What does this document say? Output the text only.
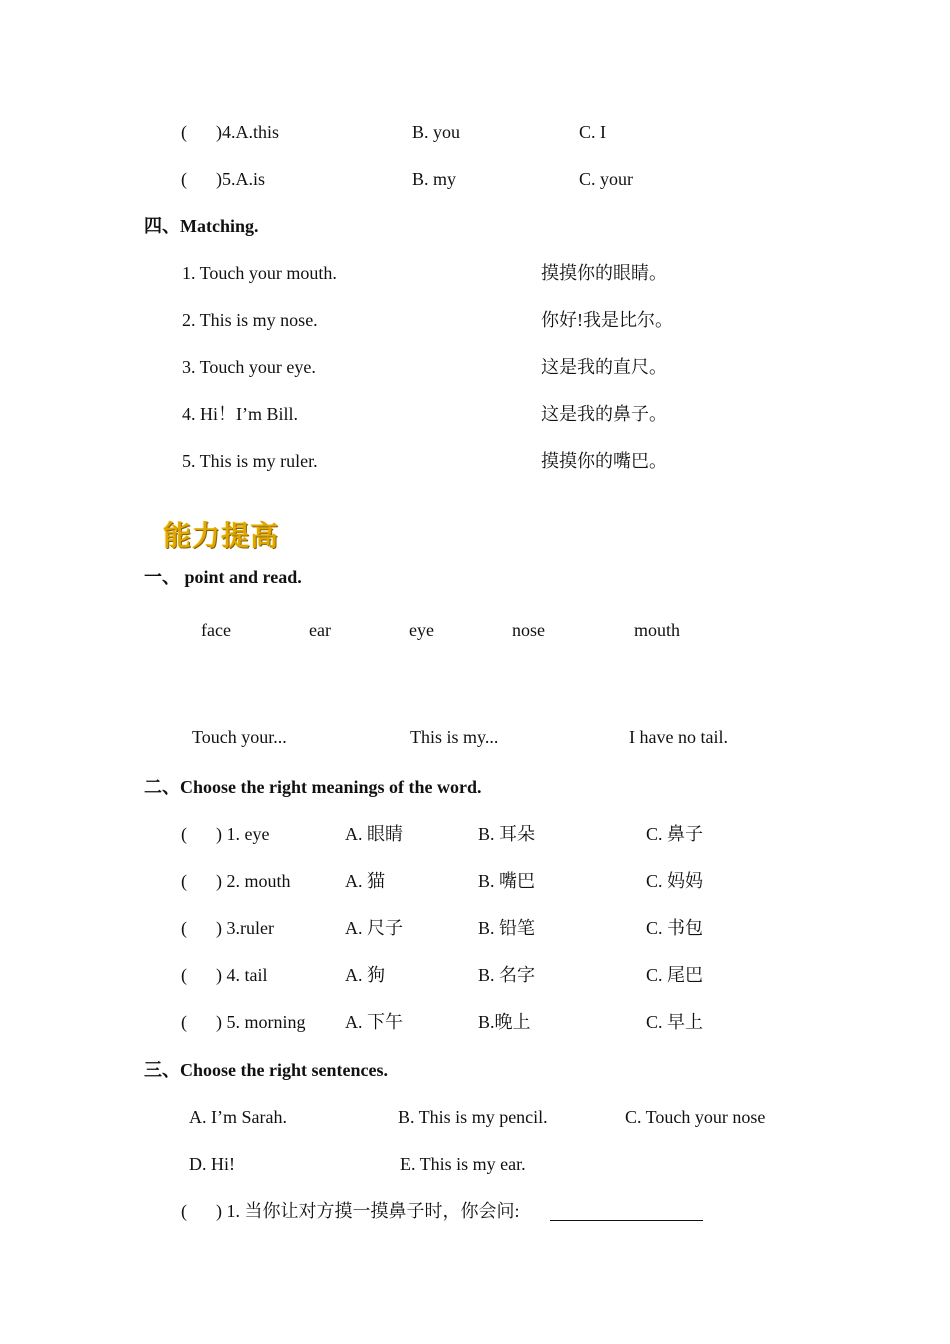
( )4.A.this	B. you	C. I
( )5.A.is	B. my	C. your
四、Matching.
1. Touch your mouth.	摸摸你的眼睛。
2. This is my nose.	你好!我是比尔。
3. Touch your eye.	这是我的直尺。
4. Hi！I’m Bill.	这是我的鼻子。
5. This is my ruler.	摸摸你的嘴巴。
能力提高
一、 point and read.
face	ear	eye	nose	mouth
Touch your...	This is my...	I have no tail.
二、Choose the right meanings of the word.
( ) 1. eye	A. 眼睛	B. 耳朵	C. 鼻子
( ) 2. mouth	A. 猫	B. 嘴巴	C. 妈妈
( ) 3.ruler	A. 尺子	B. 铅笔	C. 书包
( ) 4. tail	A. 狗	B. 名字	C. 尾巴
( ) 5. morning A. 下午	B.晚上	C. 早上
三、Choose the right sentences.
A. I’m Sarah.	B. This is my pencil.	C. Touch your nose
D. Hi!	E. This is my ear.
( ) 1. 当你让对方摸一摸鼻子时，你会问:
